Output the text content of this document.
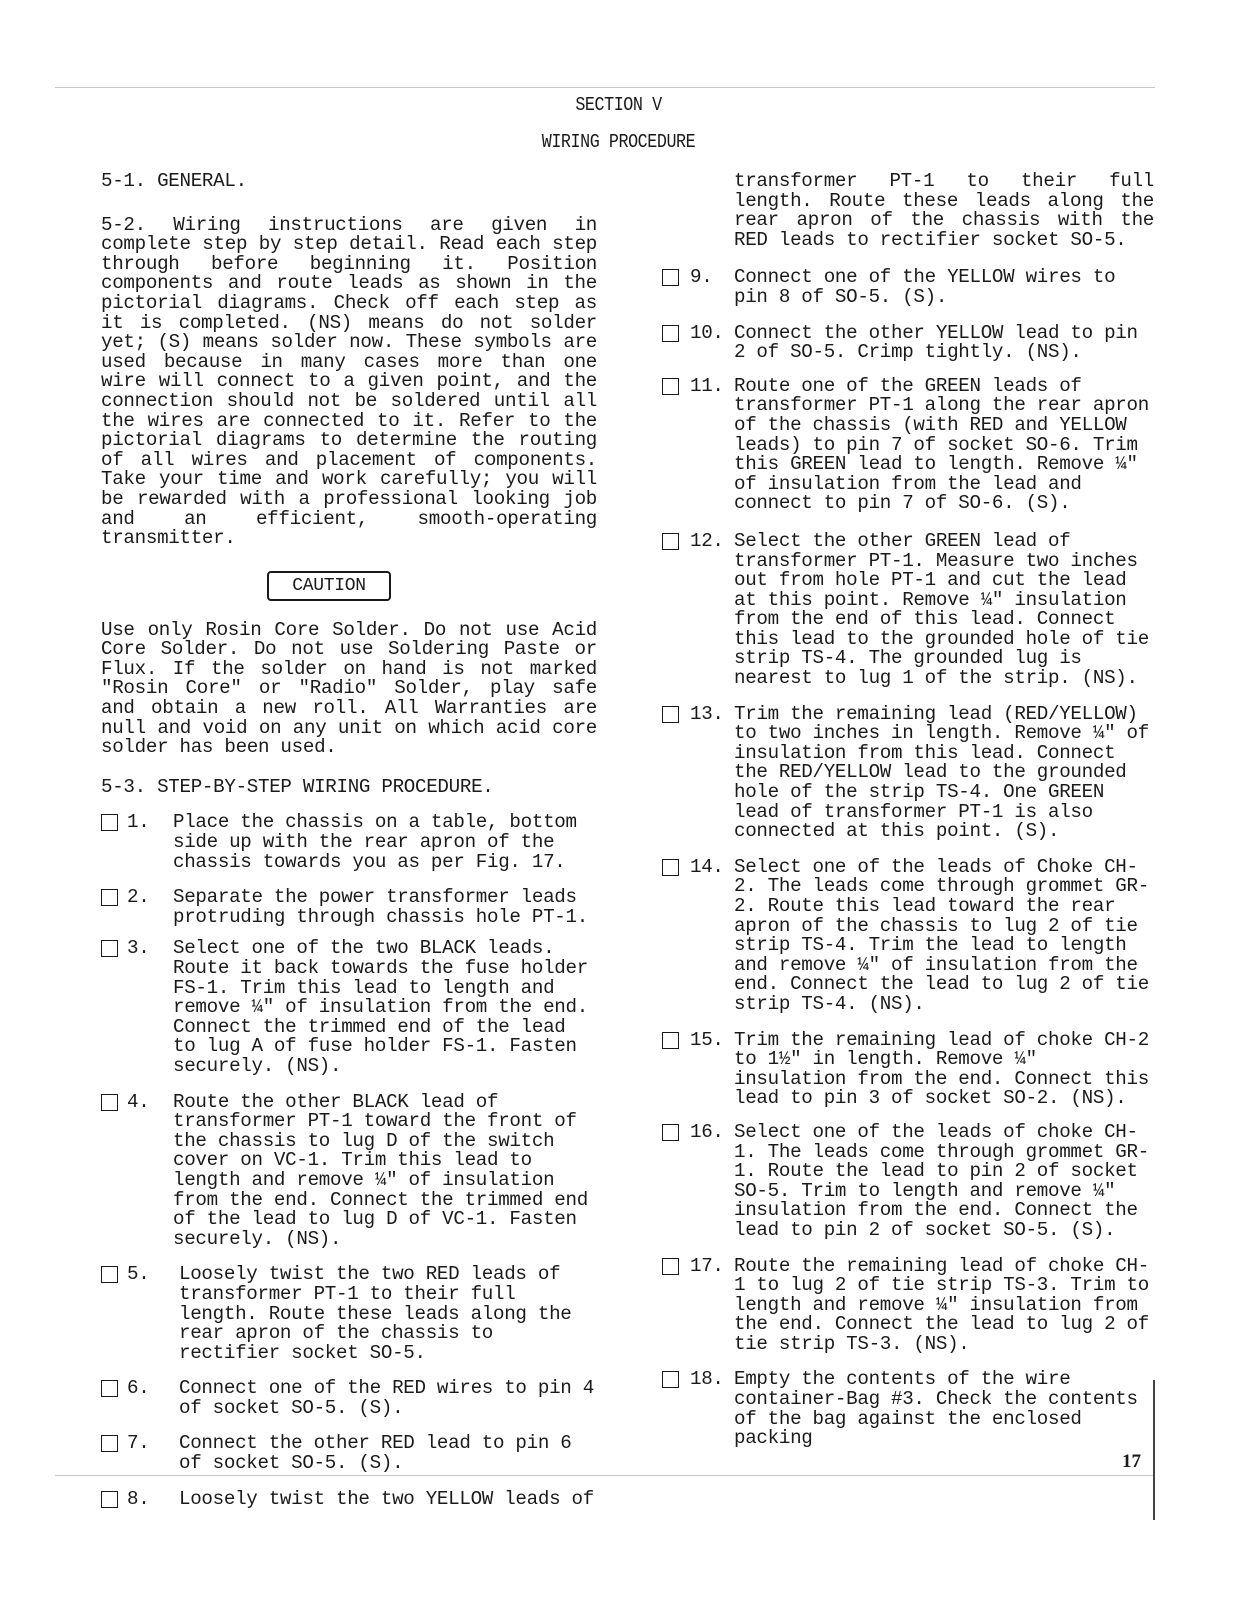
SECTION V
WIRING PROCEDURE

5-1. GENERAL.

5-2. Wiring instructions are given in complete step by step detail. Read each step through before beginning it. Position components and route leads as shown in the pictorial diagrams. Check off each step as it is completed. (NS) means do not solder yet; (S) means solder now. These symbols are used because in many cases more than one wire will connect to a given point, and the connection should not be soldered until all the wires are connected to it. Refer to the pictorial diagrams to determine the routing of all wires and placement of components. Take your time and work carefully; you will be rewarded with a professional looking job and an efficient, smooth-operating transmitter.

CAUTION

Use only Rosin Core Solder. Do not use Acid Core Solder. Do not use Soldering Paste or Flux. If the solder on hand is not marked "Rosin Core" or "Radio" Solder, play safe and obtain a new roll. All Warranties are null and void on any unit on which acid core solder has been used.

5-3. STEP-BY-STEP WIRING PROCEDURE.

1. Place the chassis on a table, bottom side up with the rear apron of the chassis towards you as per Fig. 17.
2. Separate the power transformer leads protruding through chassis hole PT-1.
3. Select one of the two BLACK leads. Route it back towards the fuse holder FS-1. Trim this lead to length and remove ¼" of insulation from the end. Connect the trimmed end of the lead to lug A of fuse holder FS-1. Fasten securely. (NS).
4. Route the other BLACK lead of transformer PT-1 toward the front of the chassis to lug D of the switch cover on VC-1. Trim this lead to length and remove ¼" of insulation from the end. Connect the trimmed end of the lead to lug D of VC-1. Fasten securely. (NS).
5. Loosely twist the two RED leads of transformer PT-1 to their full length. Route these leads along the rear apron of the chassis to rectifier socket SO-5.
6. Connect one of the RED wires to pin 4 of socket SO-5. (S).
7. Connect the other RED lead to pin 6 of socket SO-5. (S).
8. Loosely twist the two YELLOW leads of

transformer PT-1 to their full length. Route these leads along the rear apron of the chassis with the RED leads to rectifier socket SO-5.

9. Connect one of the YELLOW wires to pin 8 of SO-5. (S).
10. Connect the other YELLOW lead to pin 2 of SO-5. Crimp tightly. (NS).
11. Route one of the GREEN leads of transformer PT-1 along the rear apron of the chassis (with RED and YELLOW leads) to pin 7 of socket SO-6. Trim this GREEN lead to length. Remove ¼" of insulation from the lead and connect to pin 7 of SO-6. (S).
12. Select the other GREEN lead of transformer PT-1. Measure two inches out from hole PT-1 and cut the lead at this point. Remove ¼" insulation from the end of this lead. Connect this lead to the grounded hole of tie strip TS-4. The grounded lug is nearest to lug 1 of the strip. (NS).
13. Trim the remaining lead (RED/YELLOW) to two inches in length. Remove ¼" of insulation from this lead. Connect the RED/YELLOW lead to the grounded hole of the strip TS-4. One GREEN lead of transformer PT-1 is also connected at this point. (S).
14. Select one of the leads of Choke CH-2. The leads come through grommet GR-2. Route this lead toward the rear apron of the chassis to lug 2 of tie strip TS-4. Trim the lead to length and remove ¼" of insulation from the end. Connect the lead to lug 2 of tie strip TS-4. (NS).
15. Trim the remaining lead of choke CH-2 to 1½" in length. Remove ¼" insulation from the end. Connect this lead to pin 3 of socket SO-2. (NS).
16. Select one of the leads of choke CH-1. The leads come through grommet GR-1. Route the lead to pin 2 of socket SO-5. Trim to length and remove ¼" insulation from the end. Connect the lead to pin 2 of socket SO-5. (S).
17. Route the remaining lead of choke CH-1 to lug 2 of tie strip TS-3. Trim to length and remove ¼" insulation from the end. Connect the lead to lug 2 of tie strip TS-3. (NS).
18. Empty the contents of the wire container-Bag #3. Check the contents of the bag against the enclosed packing
17
